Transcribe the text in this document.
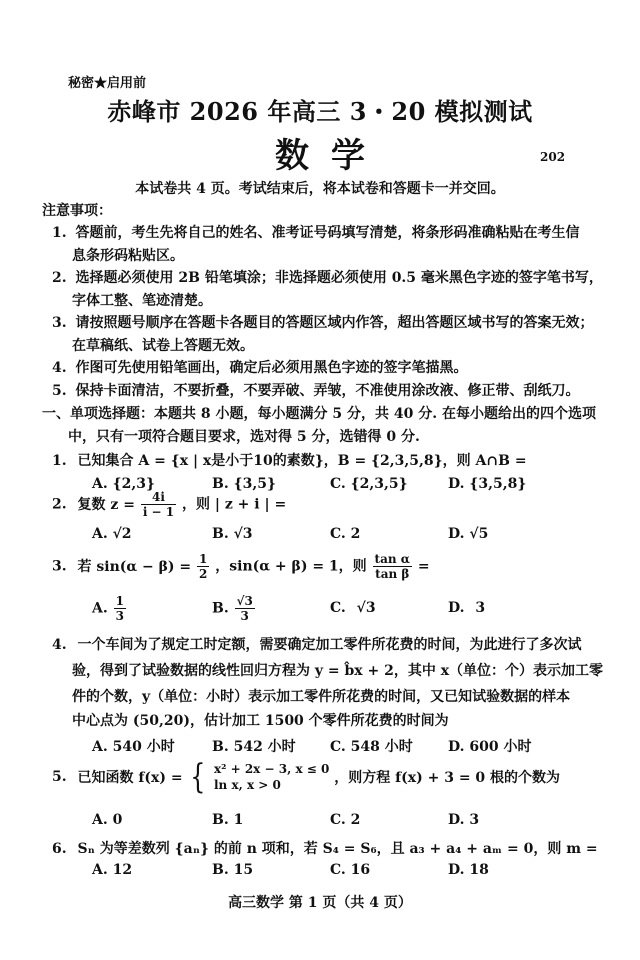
秘密★启用前
赤峰市 2026 年高三 3・20 模拟测试
数学	202
本试卷共 4 页。考试结束后，将本试卷和答题卡一并交回。
注意事项：
1. 答题前，考生先将自己的姓名、准考证号码填写清楚，将条形码准确粘贴在考生信
息条形码粘贴区。
2. 选择题必须使用 2B 铅笔填涂；非选择题必须使用 0.5 毫米黑色字迹的签字笔书写，
字体工整、笔迹清楚。
3. 请按照题号顺序在答题卡各题目的答题区域内作答，超出答题区域书写的答案无效；
在草稿纸、试卷上答题无效。
4. 作图可先使用铅笔画出，确定后必须用黑色字迹的签字笔描黑。
5. 保持卡面清洁，不要折叠，不要弄破、弄皱，不准使用涂改液、修正带、刮纸刀。
一、单项选择题：本题共 8 小题，每小题满分 5 分，共 40 分. 在每小题给出的四个选项
中，只有一项符合题目要求，选对得 5 分，选错得 0 分.
1. 已知集合 A = {x | x是小于10的素数}，B = {2,3,5,8}，则 A∩B =
A. {2,3}	B. {3,5}	C. {2,3,5}	D. {3,5,8}
2. 复数 $z = \frac{4i}{i - 1}$ ，则 | z + i | =
A. √2	B. √3	C. 2	D. √5
3. 若 $\sin(\alpha - \beta) = \frac{1}{2}$ ，sin(α + β) = 1，则 $\frac{\text{tan α}}{\text{tan β}}$ =
A. $\frac{1}{3}$	B. $\frac{√3}{3}$	C. √3	D. 3
4. 一个车间为了规定工时定额，需要确定加工零件所花费的时间，为此进行了多次试
验，得到了试验数据的线性回归方程为 y = b̂x + 2，其中 x（单位：个）表示加工零
件的个数，y（单位：小时）表示加工零件所花费的时间，又已知试验数据的样本
中心点为 (50,20)，估计加工 1500 个零件所花费的时间为
A. 540 小时	B. 542 小时 C. 548 小时	D. 600 小时
5. 已知函数 f(x) = { x² + 2x − 3, x ≤ 0
ln x, x > 0	，则方程 f(x) + 3 = 0 根的个数为
A. 0	B. 1	C. 2	D. 3
6. Sₙ 为等差数列 {aₙ} 的前 n 项和，若 S₄ = S₆，且 a₃ + a₄ + aₘ = 0，则 m =
A. 12	B. 15	C. 16	D. 18
高三数学 第 1 页（共 4 页）
